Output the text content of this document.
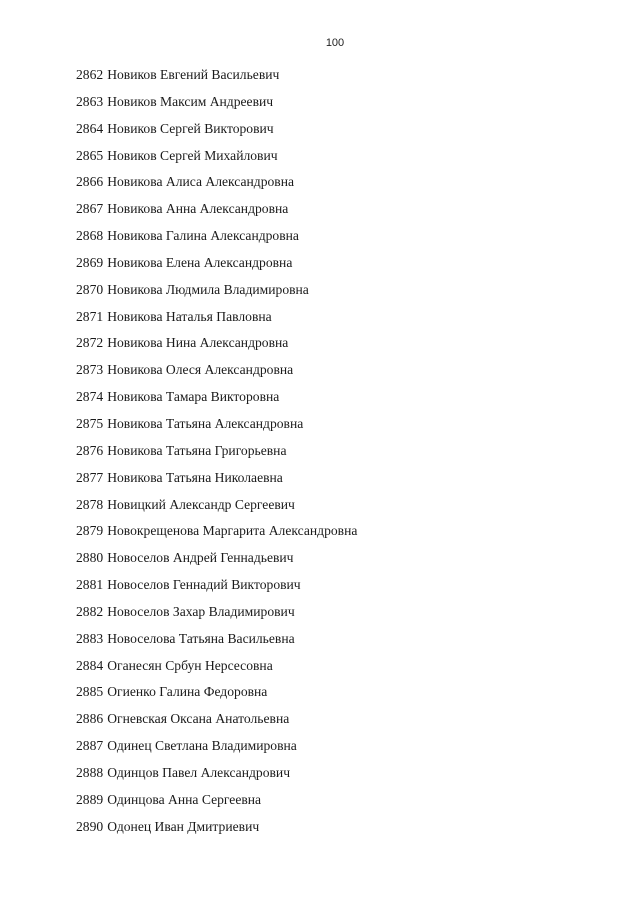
100
2862 Новиков Евгений Васильевич
2863 Новиков Максим Андреевич
2864 Новиков Сергей Викторович
2865 Новиков Сергей Михайлович
2866 Новикова Алиса Александровна
2867 Новикова Анна Александровна
2868 Новикова Галина Александровна
2869 Новикова Елена Александровна
2870 Новикова Людмила Владимировна
2871 Новикова Наталья Павловна
2872 Новикова Нина Александровна
2873 Новикова Олеся Александровна
2874 Новикова Тамара Викторовна
2875 Новикова Татьяна Александровна
2876 Новикова Татьяна Григорьевна
2877 Новикова Татьяна Николаевна
2878 Новицкий Александр Сергеевич
2879 Новокрещенова Маргарита Александровна
2880 Новоселов Андрей Геннадьевич
2881 Новоселов Геннадий Викторович
2882 Новоселов Захар Владимирович
2883 Новоселова Татьяна Васильевна
2884 Оганесян Србун Нерсесовна
2885 Огиенко Галина Федоровна
2886 Огневская Оксана Анатольевна
2887 Одинец Светлана Владимировна
2888 Одинцов Павел Александрович
2889 Одинцова Анна Сергеевна
2890 Одонец Иван Дмитриевич
